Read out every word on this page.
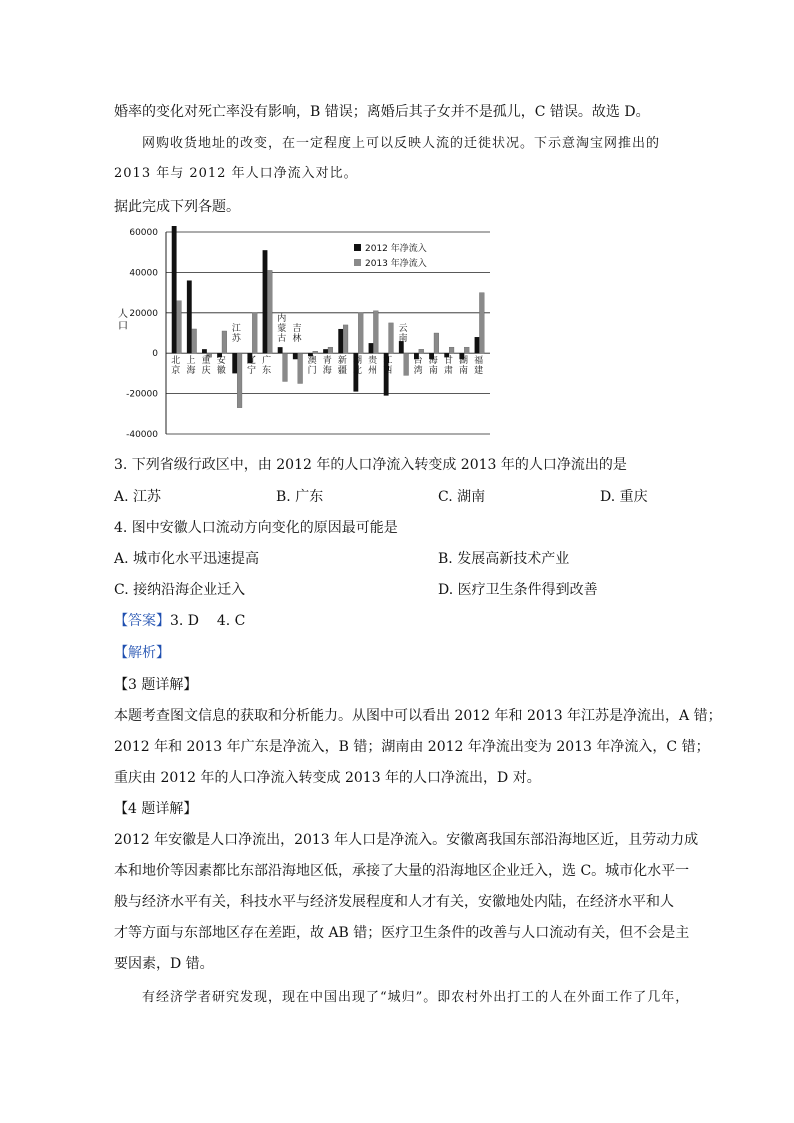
婚率的变化对死亡率没有影响，B 错误；离婚后其子女并不是孤儿，C 错误。故选 D。
网购收货地址的改变，在一定程度上可以反映人流的迁徙状况。下示意淘宝网推出的
2013 年与 2012 年人口净流入对比。
据此完成下列各题。
60000
40000
20000
0
-20000
-40000
北京
上海
重庆
安徽
江苏
辽宁
广东
内蒙古
吉林
澳门
青海
新疆
湖北
贵州
江西
云南
台湾
海南
甘肃
湖南
福建
人口
2012 年净流入
2013 年净流入
3. 下列省级行政区中，由 2012 年的人口净流入转变成 2013 年的人口净流出的是
A. 江苏	B. 广东	C. 湖南	D. 重庆
4. 图中安徽人口流动方向变化的原因最可能是
A. 城市化水平迅速提高	B. 发展高新技术产业
C. 接纳沿海企业迁入	D. 医疗卫生条件得到改善
【答案】3. D    4. C
【解析】
【3 题详解】
本题考查图文信息的获取和分析能力。从图中可以看出 2012 年和 2013 年江苏是净流出，A 错；
2012 年和 2013 年广东是净流入，B 错；湖南由 2012 年净流出变为 2013 年净流入，C 错；
重庆由 2012 年的人口净流入转变成 2013 年的人口净流出，D 对。
【4 题详解】
2012 年安徽是人口净流出，2013 年人口是净流入。安徽离我国东部沿海地区近，且劳动力成
本和地价等因素都比东部沿海地区低，承接了大量的沿海地区企业迁入，选 C。城市化水平一
般与经济水平有关，科技水平与经济发展程度和人才有关，安徽地处内陆，在经济水平和人
才等方面与东部地区存在差距，故 AB 错；医疗卫生条件的改善与人口流动有关，但不会是主
要因素，D 错。
有经济学者研究发现，现在中国出现了“城归”。即农村外出打工的人在外面工作了几年，
